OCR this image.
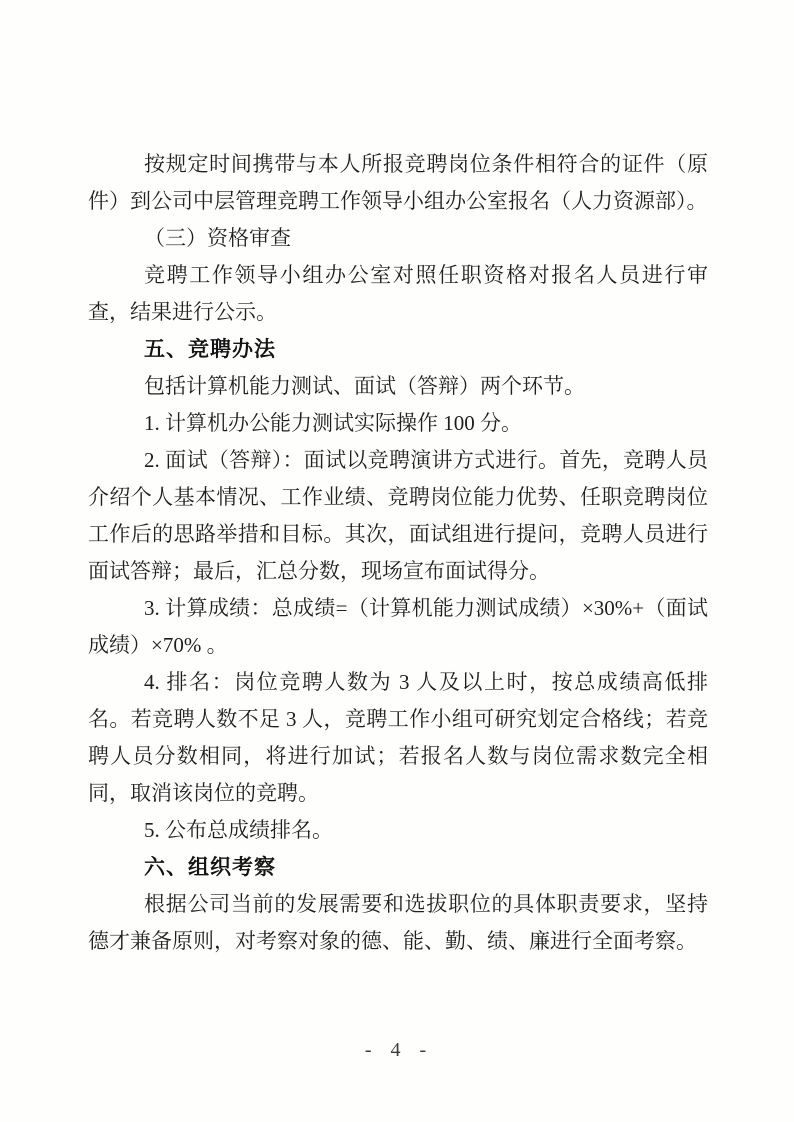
按规定时间携带与本人所报竞聘岗位条件相符合的证件（原件）到公司中层管理竞聘工作领导小组办公室报名（人力资源部）。

（三）资格审查

竞聘工作领导小组办公室对照任职资格对报名人员进行审查，结果进行公示。

五、竞聘办法

包括计算机能力测试、面试（答辩）两个环节。

1. 计算机办公能力测试实际操作 100 分。

2. 面试（答辩）：面试以竞聘演讲方式进行。首先，竞聘人员介绍个人基本情况、工作业绩、竞聘岗位能力优势、任职竞聘岗位工作后的思路举措和目标。其次，面试组进行提问，竞聘人员进行面试答辩；最后，汇总分数，现场宣布面试得分。

3. 计算成绩：总成绩=（计算机能力测试成绩）×30%+（面试成绩）×70% 。

4. 排名：岗位竞聘人数为 3 人及以上时，按总成绩高低排名。若竞聘人数不足 3 人，竞聘工作小组可研究划定合格线；若竞聘人员分数相同，将进行加试；若报名人数与岗位需求数完全相同，取消该岗位的竞聘。

5. 公布总成绩排名。

六、组织考察

根据公司当前的发展需要和选拔职位的具体职责要求，坚持德才兼备原则，对考察对象的德、能、勤、绩、廉进行全面考察。

- 4 -
